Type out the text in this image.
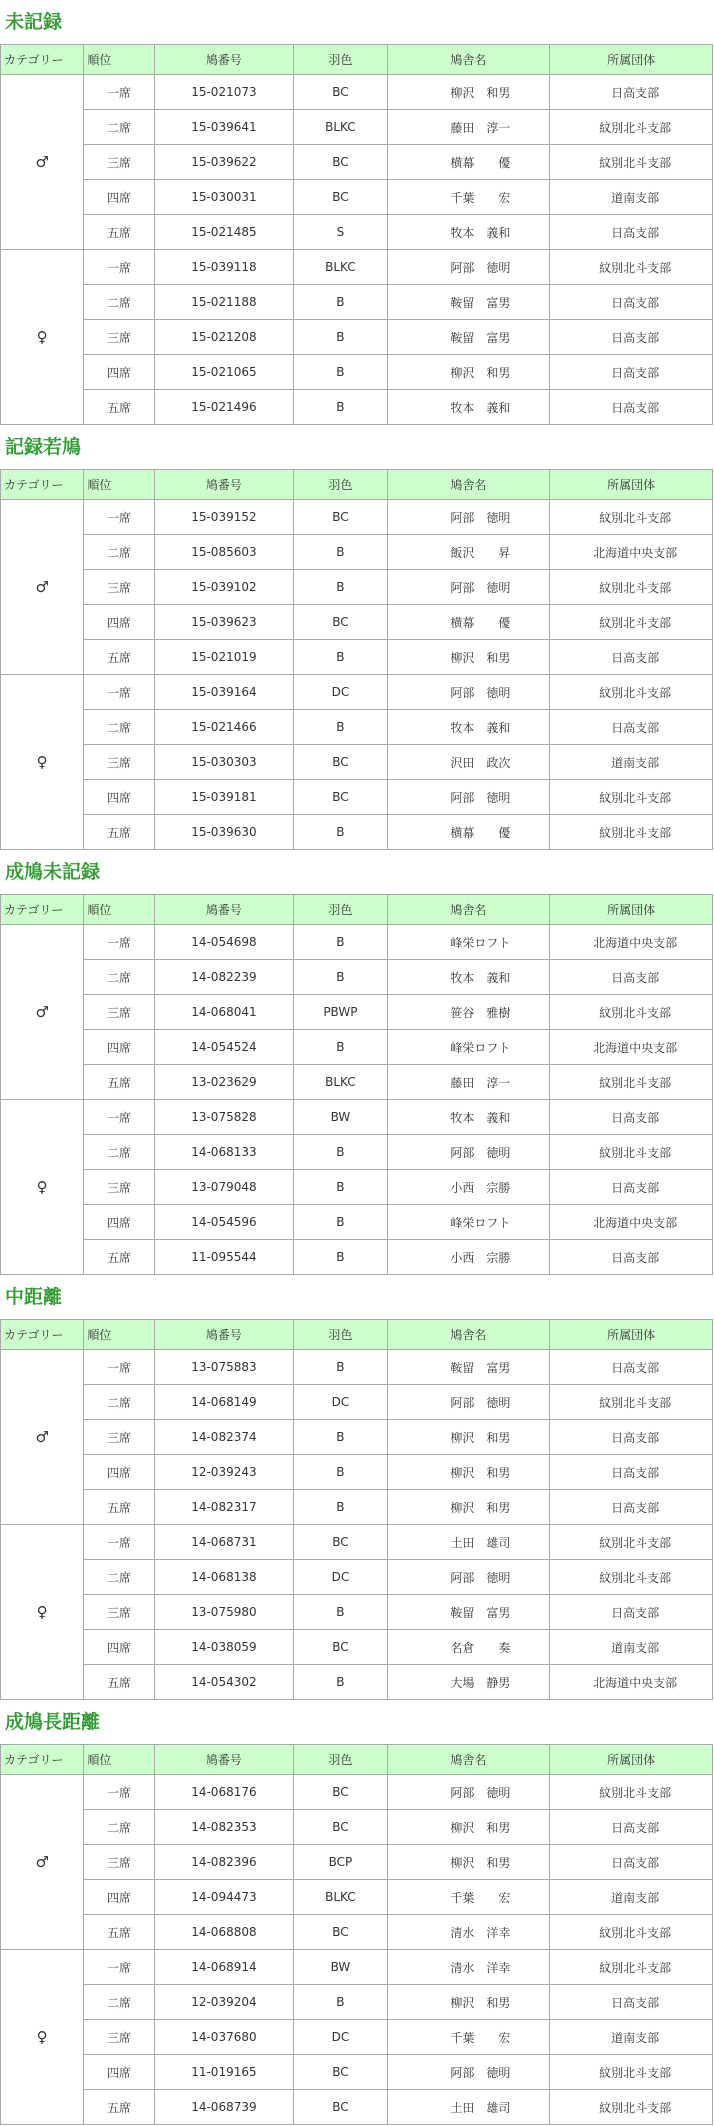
未記録
カテゴリー	順位	鳩番号	羽色	鳩舎名	所属団体
♂	一席	15-021073	BC	柳沢　和男	日高支部
	二席	15-039641	BLKC	藤田　淳一	紋別北斗支部
	三席	15-039622	BC	横幕　　優	紋別北斗支部
	四席	15-030031	BC	千葉　　宏	道南支部
	五席	15-021485	S	牧本　義和	日高支部
♀	一席	15-039118	BLKC	阿部　徳明	紋別北斗支部
	二席	15-021188	B	鞍留　富男	日高支部
	三席	15-021208	B	鞍留　富男	日高支部
	四席	15-021065	B	柳沢　和男	日高支部
	五席	15-021496	B	牧本　義和	日高支部
記録若鳩
カテゴリー	順位	鳩番号	羽色	鳩舎名	所属団体
♂	一席	15-039152	BC	阿部　徳明	紋別北斗支部
	二席	15-085603	B	飯沢　　昇	北海道中央支部
	三席	15-039102	B	阿部　徳明	紋別北斗支部
	四席	15-039623	BC	横幕　　優	紋別北斗支部
	五席	15-021019	B	柳沢　和男	日高支部
♀	一席	15-039164	DC	阿部　徳明	紋別北斗支部
	二席	15-021466	B	牧本　義和	日高支部
	三席	15-030303	BC	沢田　政次	道南支部
	四席	15-039181	BC	阿部　徳明	紋別北斗支部
	五席	15-039630	B	横幕　　優	紋別北斗支部
成鳩未記録
カテゴリー	順位	鳩番号	羽色	鳩舎名	所属団体
♂	一席	14-054698	B	峰栄ロフト	北海道中央支部
	二席	14-082239	B	牧本　義和	日高支部
	三席	14-068041	PBWP	笹谷　雅樹	紋別北斗支部
	四席	14-054524	B	峰栄ロフト	北海道中央支部
	五席	13-023629	BLKC	藤田　淳一	紋別北斗支部
♀	一席	13-075828	BW	牧本　義和	日高支部
	二席	14-068133	B	阿部　徳明	紋別北斗支部
	三席	13-079048	B	小西　宗勝	日高支部
	四席	14-054596	B	峰栄ロフト	北海道中央支部
	五席	11-095544	B	小西　宗勝	日高支部
中距離
カテゴリー	順位	鳩番号	羽色	鳩舎名	所属団体
♂	一席	13-075883	B	鞍留　富男	日高支部
	二席	14-068149	DC	阿部　徳明	紋別北斗支部
	三席	14-082374	B	柳沢　和男	日高支部
	四席	12-039243	B	柳沢　和男	日高支部
	五席	14-082317	B	柳沢　和男	日高支部
♀	一席	14-068731	BC	土田　雄司	紋別北斗支部
	二席	14-068138	DC	阿部　徳明	紋別北斗支部
	三席	13-075980	B	鞍留　富男	日高支部
	四席	14-038059	BC	名倉　　奏	道南支部
	五席	14-054302	B	大場　静男	北海道中央支部
成鳩長距離
カテゴリー	順位	鳩番号	羽色	鳩舎名	所属団体
♂	一席	14-068176	BC	阿部　徳明	紋別北斗支部
	二席	14-082353	BC	柳沢　和男	日高支部
	三席	14-082396	BCP	柳沢　和男	日高支部
	四席	14-094473	BLKC	千葉　　宏	道南支部
	五席	14-068808	BC	清水　洋幸	紋別北斗支部
♀	一席	14-068914	BW	清水　洋幸	紋別北斗支部
	二席	12-039204	B	柳沢　和男	日高支部
	三席	14-037680	DC	千葉　　宏	道南支部
	四席	11-019165	BC	阿部　徳明	紋別北斗支部
	五席	14-068739	BC	土田　雄司	紋別北斗支部
